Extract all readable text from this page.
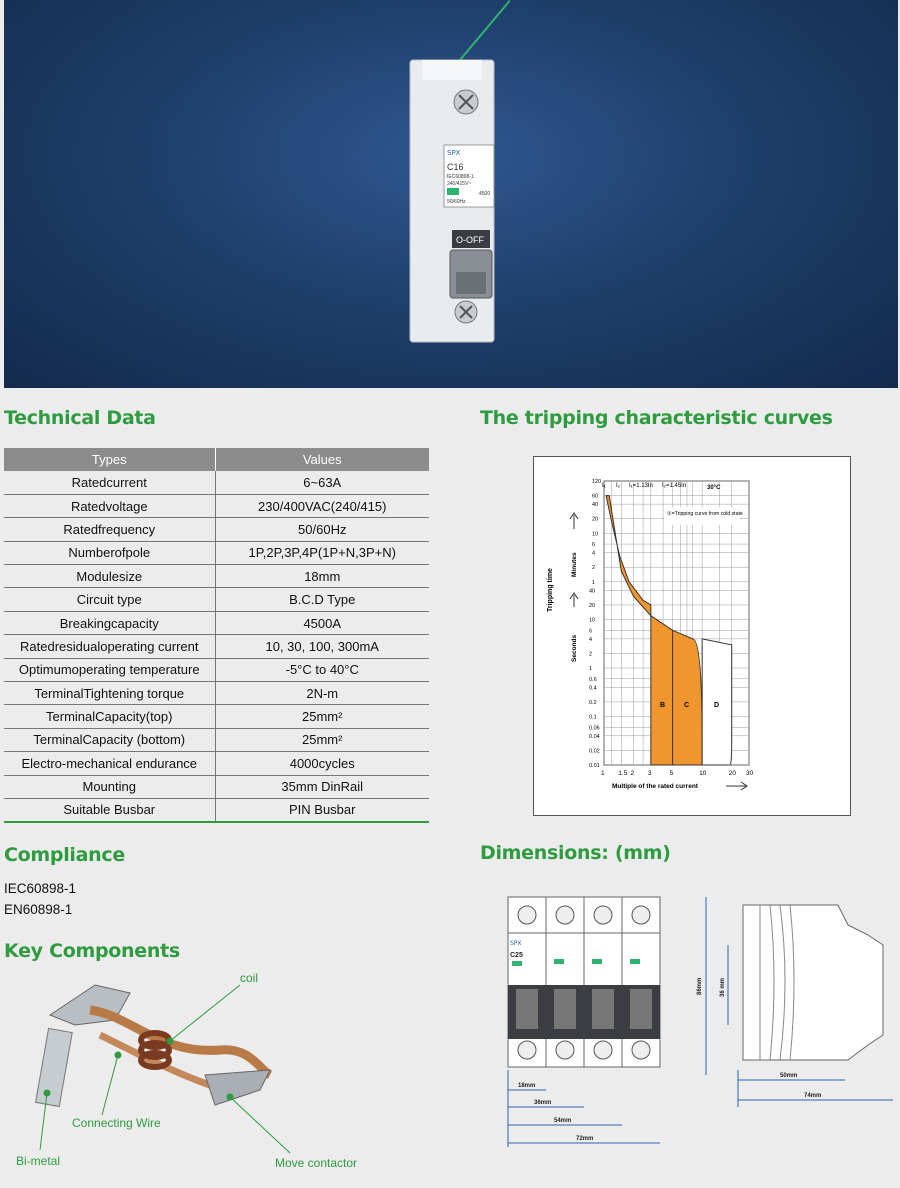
SPX
C16
IEC60898-1
240/415V~
4500
50/60Hz
O-OFF
Technical Data	The tripping characteristic curves
Compliance	Dimensions: (mm)
Key Components
Types	Values
Ratedcurrent	6~63A
Ratedvoltage	230/400VAC(240/415)
Ratedfrequency	50/60Hz
Numberofpole	1P,2P,3P,4P(1P+N,3P+N)
Modulesize	18mm
Circuit type	B.C.D Type
Breakingcapacity	4500A
Ratedresidualoperating current	10, 30, 100, 300mA
Optimumoperating temperature	-5°C to 40°C
TerminalTightening torque	2N-m
TerminalCapacity(top)	25mm²
TerminalCapacity (bottom)	25mm²
Electro-mechanical endurance	4000cycles
Mounting	35mm DinRail
Suitable Busbar	PIN Busbar
IEC60898-1
EN60898-1
1 1.5 2 3	5	10	20 30
120
60
40
20
10
6
4
2
1
40
20
10
6
4
2
1
0.6
0.4
0.2
0.1
0.06
0.04
0.02
0.01
I₁ I₂ I₁=1.13In I₂=1.45In	30°C
①=Tripping curve from cold state
Tripping time
Minutes
Seconds
Multiple of the rated current
B	C	D
SPX
C25
18mm
36mm
54mm
72mm
86mm	36 mm
50mm
74mm
coil
Connecting Wire
Bi-metal	Move contactor
